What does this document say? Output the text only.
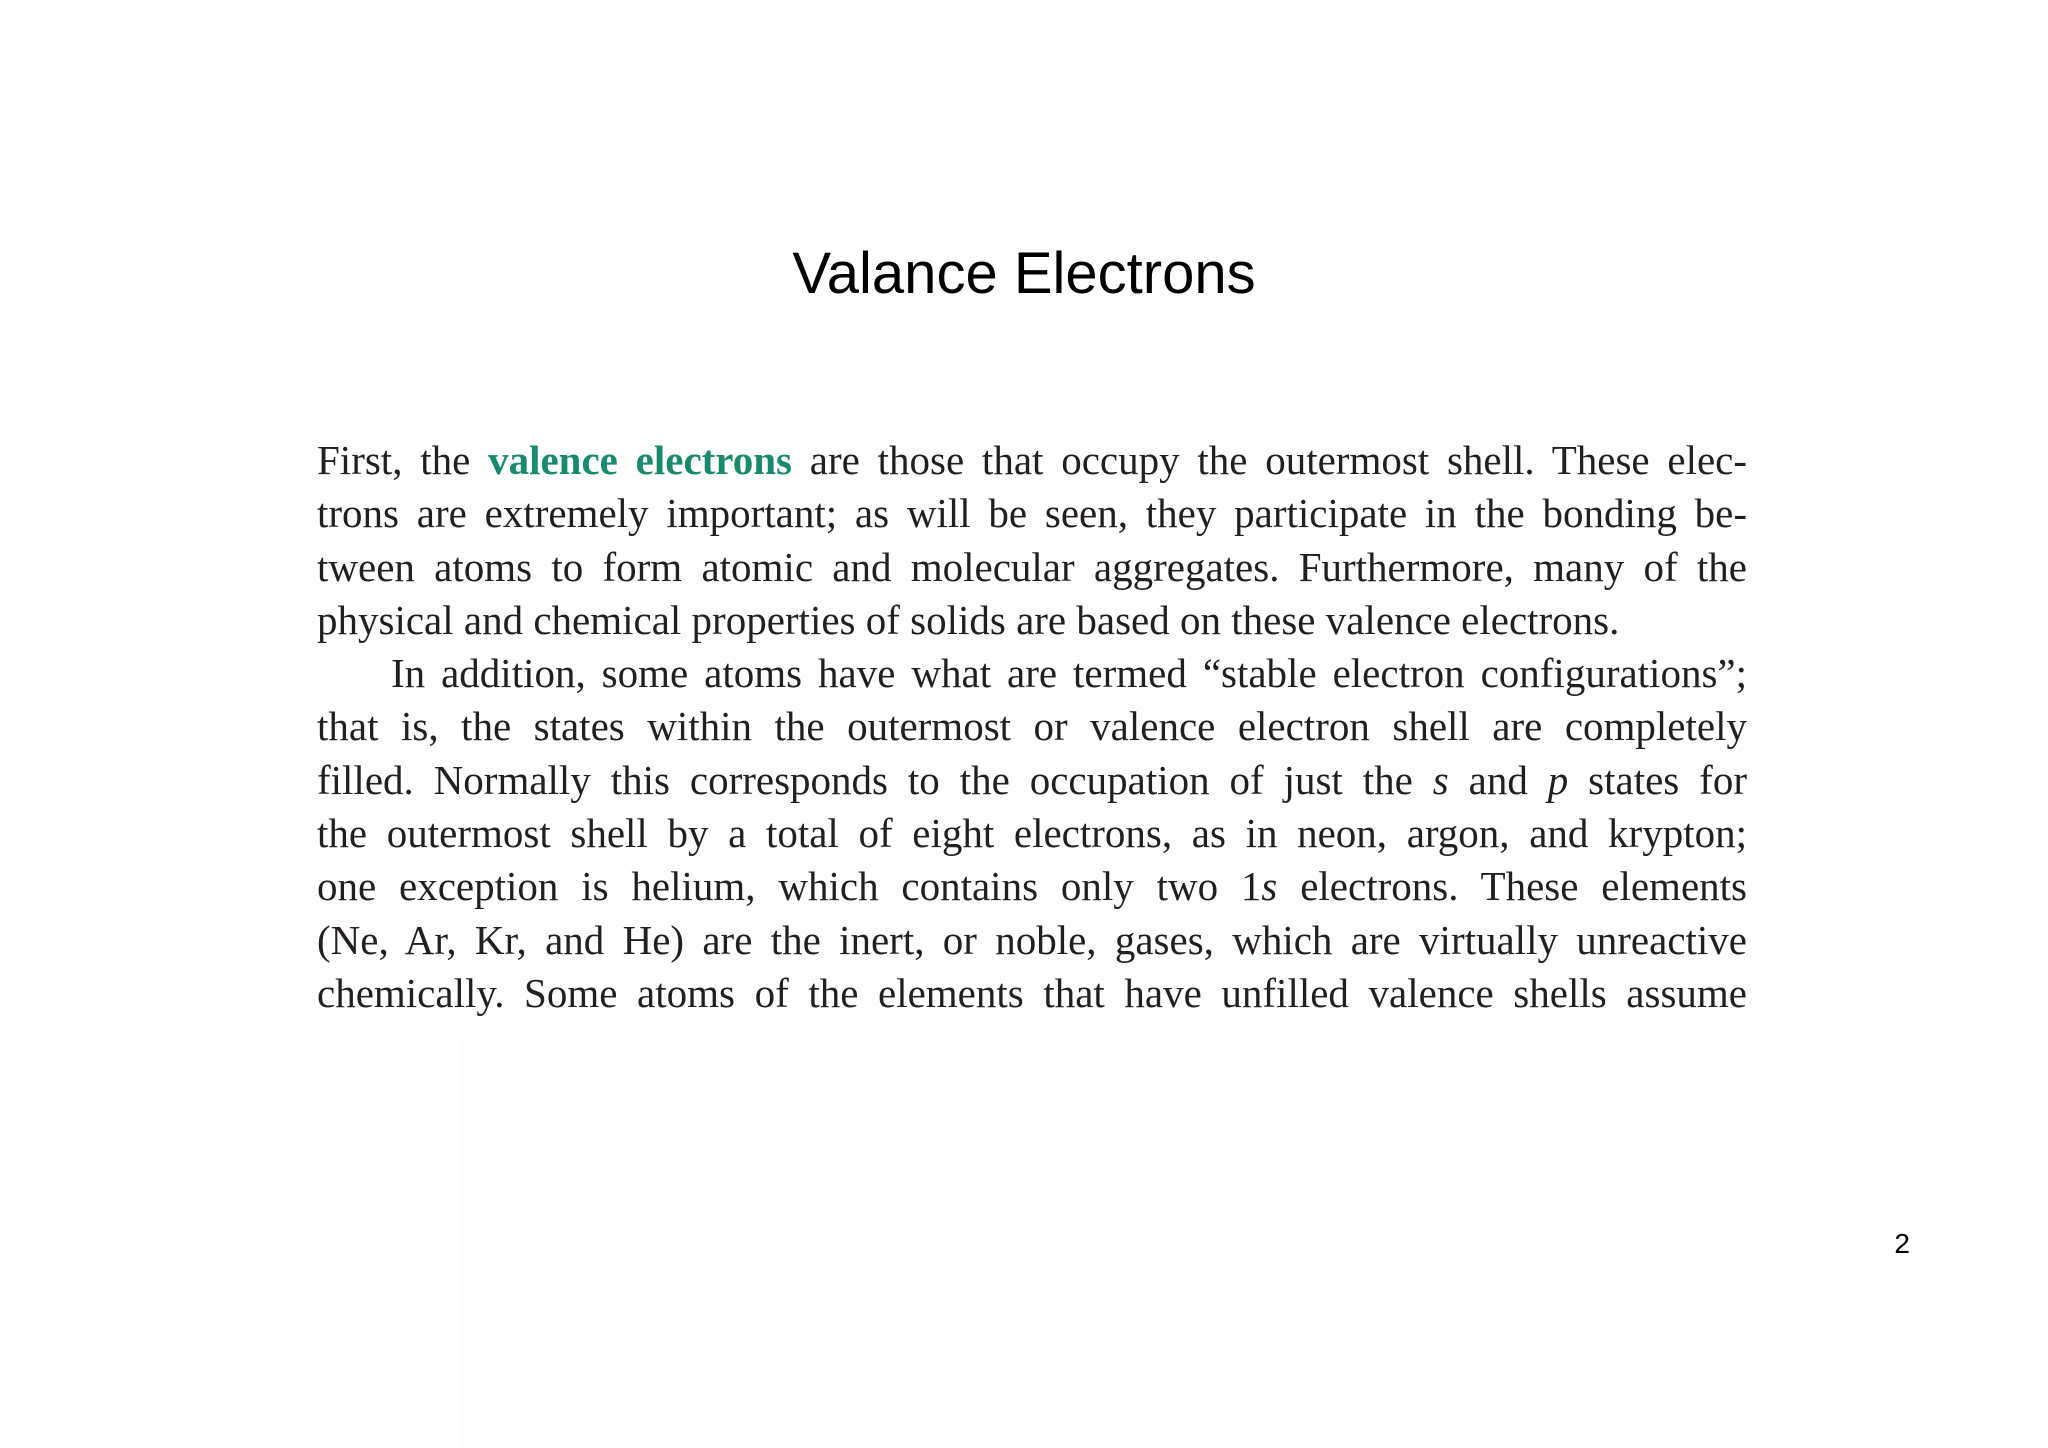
Valance Electrons

First, the valence electrons are those that occupy the outermost shell. These elec-

trons are extremely important; as will be seen, they participate in the bonding be-

tween atoms to form atomic and molecular aggregates. Furthermore, many of the

physical and chemical properties of solids are based on these valence electrons.

In addition, some atoms have what are termed “stable electron configurations”;

that is, the states within the outermost or valence electron shell are completely

filled. Normally this corresponds to the occupation of just the s and p states for

the outermost shell by a total of eight electrons, as in neon, argon, and krypton;

one exception is helium, which contains only two 1s electrons. These elements

(Ne, Ar, Kr, and He) are the inert, or noble, gases, which are virtually unreactive

chemically. Some atoms of the elements that have unfilled valence shells assume

2
